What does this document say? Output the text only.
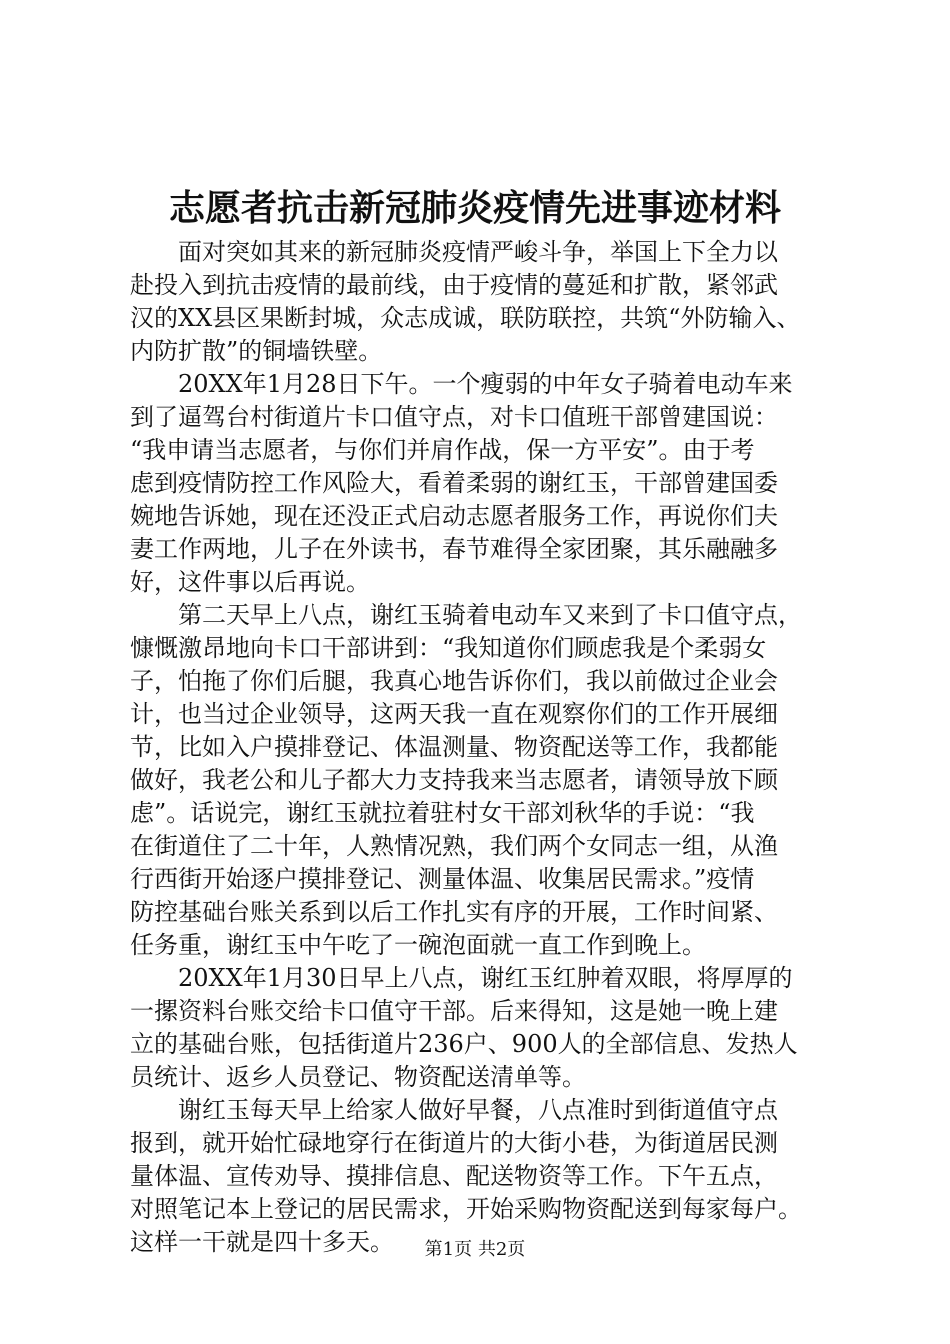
志愿者抗击新冠肺炎疫情先进事迹材料
面对突如其来的新冠肺炎疫情严峻斗争，举国上下全力以
赴投入到抗击疫情的最前线，由于疫情的蔓延和扩散，紧邻武
汉的XX县区果断封城，众志成诚，联防联控，共筑“外防输入、
内防扩散”的铜墙铁壁。
20XX年1月28日下午。一个瘦弱的中年女子骑着电动车来
到了逼驾台村街道片卡口值守点，对卡口值班干部曾建国说：
“我申请当志愿者，与你们并肩作战，保一方平安”。由于考
虑到疫情防控工作风险大，看着柔弱的谢红玉，干部曾建国委
婉地告诉她，现在还没正式启动志愿者服务工作，再说你们夫
妻工作两地，儿子在外读书，春节难得全家团聚，其乐融融多
好，这件事以后再说。
第二天早上八点，谢红玉骑着电动车又来到了卡口值守点，
慷慨激昂地向卡口干部讲到：“我知道你们顾虑我是个柔弱女
子，怕拖了你们后腿，我真心地告诉你们，我以前做过企业会
计，也当过企业领导，这两天我一直在观察你们的工作开展细
节，比如入户摸排登记、体温测量、物资配送等工作，我都能
做好，我老公和儿子都大力支持我来当志愿者，请领导放下顾
虑”。话说完，谢红玉就拉着驻村女干部刘秋华的手说：“我
在街道住了二十年，人熟情况熟，我们两个女同志一组，从渔
行西街开始逐户摸排登记、测量体温、收集居民需求。”疫情
防控基础台账关系到以后工作扎实有序的开展，工作时间紧、
任务重，谢红玉中午吃了一碗泡面就一直工作到晚上。
20XX年1月30日早上八点，谢红玉红肿着双眼，将厚厚的
一摞资料台账交给卡口值守干部。后来得知，这是她一晚上建
立的基础台账，包括街道片236户、900人的全部信息、发热人
员统计、返乡人员登记、物资配送清单等。
谢红玉每天早上给家人做好早餐，八点准时到街道值守点
报到，就开始忙碌地穿行在街道片的大街小巷，为街道居民测
量体温、宣传劝导、摸排信息、配送物资等工作。下午五点，
对照笔记本上登记的居民需求，开始采购物资配送到每家每户。
这样一干就是四十多天。	第1页 共2页
